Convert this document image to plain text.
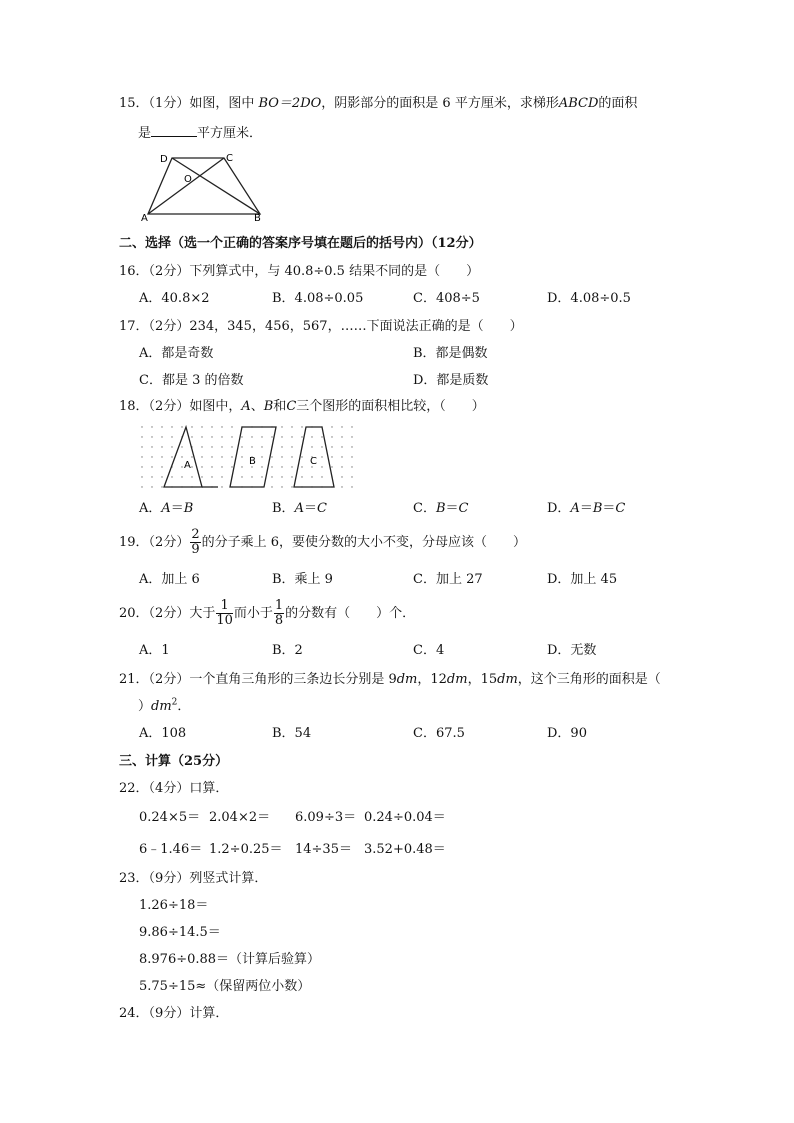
15．（1分）如图，图中 BO＝2DO，阴影部分的面积是 6 平方厘米，求梯形ABCD的面积
是	平方厘米．
D	C
O
A	B
二、选择（选一个正确的答案序号填在题后的括号内）（12分）
16．（2分）下列算式中，与 40.8÷0.5 结果不同的是（　　）
A．40.8×2	B．4.08÷0.05	C．408÷5	D．4.08÷0.5
17．（2分）234，345，456，567，……下面说法正确的是（　　）
A．都是奇数	B．都是偶数
C．都是 3 的倍数	D．都是质数
18．（2分）如图中，A、B和C三个图形的面积相比较，（　　）
A	B	C
A．A＝B	B．A＝C	C．B＝C	D．A＝B＝C
19．（2分） $\frac{2}{9}$ 的分子乘上 6，要使分数的大小不变，分母应该（　　）
A．加上 6	B．乘上 9	C．加上 27	D．加上 45
20．（2分）大于 $\frac{1}{10}$ 而小于 $\frac{1}{8}$ 的分数有（　　）个．
A．1	B．2	C．4	D．无数
21．（2分）一个直角三角形的三条边长分别是 9dm，12dm，15dm，这个三角形的面积是（
）$dm^2$．
A．108	B．54	C．67.5	D．90
三、计算（25分）
22．（4分）口算．
0.24×5＝ 2.04×2＝ 6.09÷3＝ 0.24÷0.04＝
6﹣1.46＝ 1.2÷0.25＝ 14÷35＝ 3.52+0.48＝
23．（9分）列竖式计算．
1.26÷18＝
9.86÷14.5＝
8.976÷0.88＝（计算后验算）
5.75÷15≈（保留两位小数）
24．（9分）计算．
